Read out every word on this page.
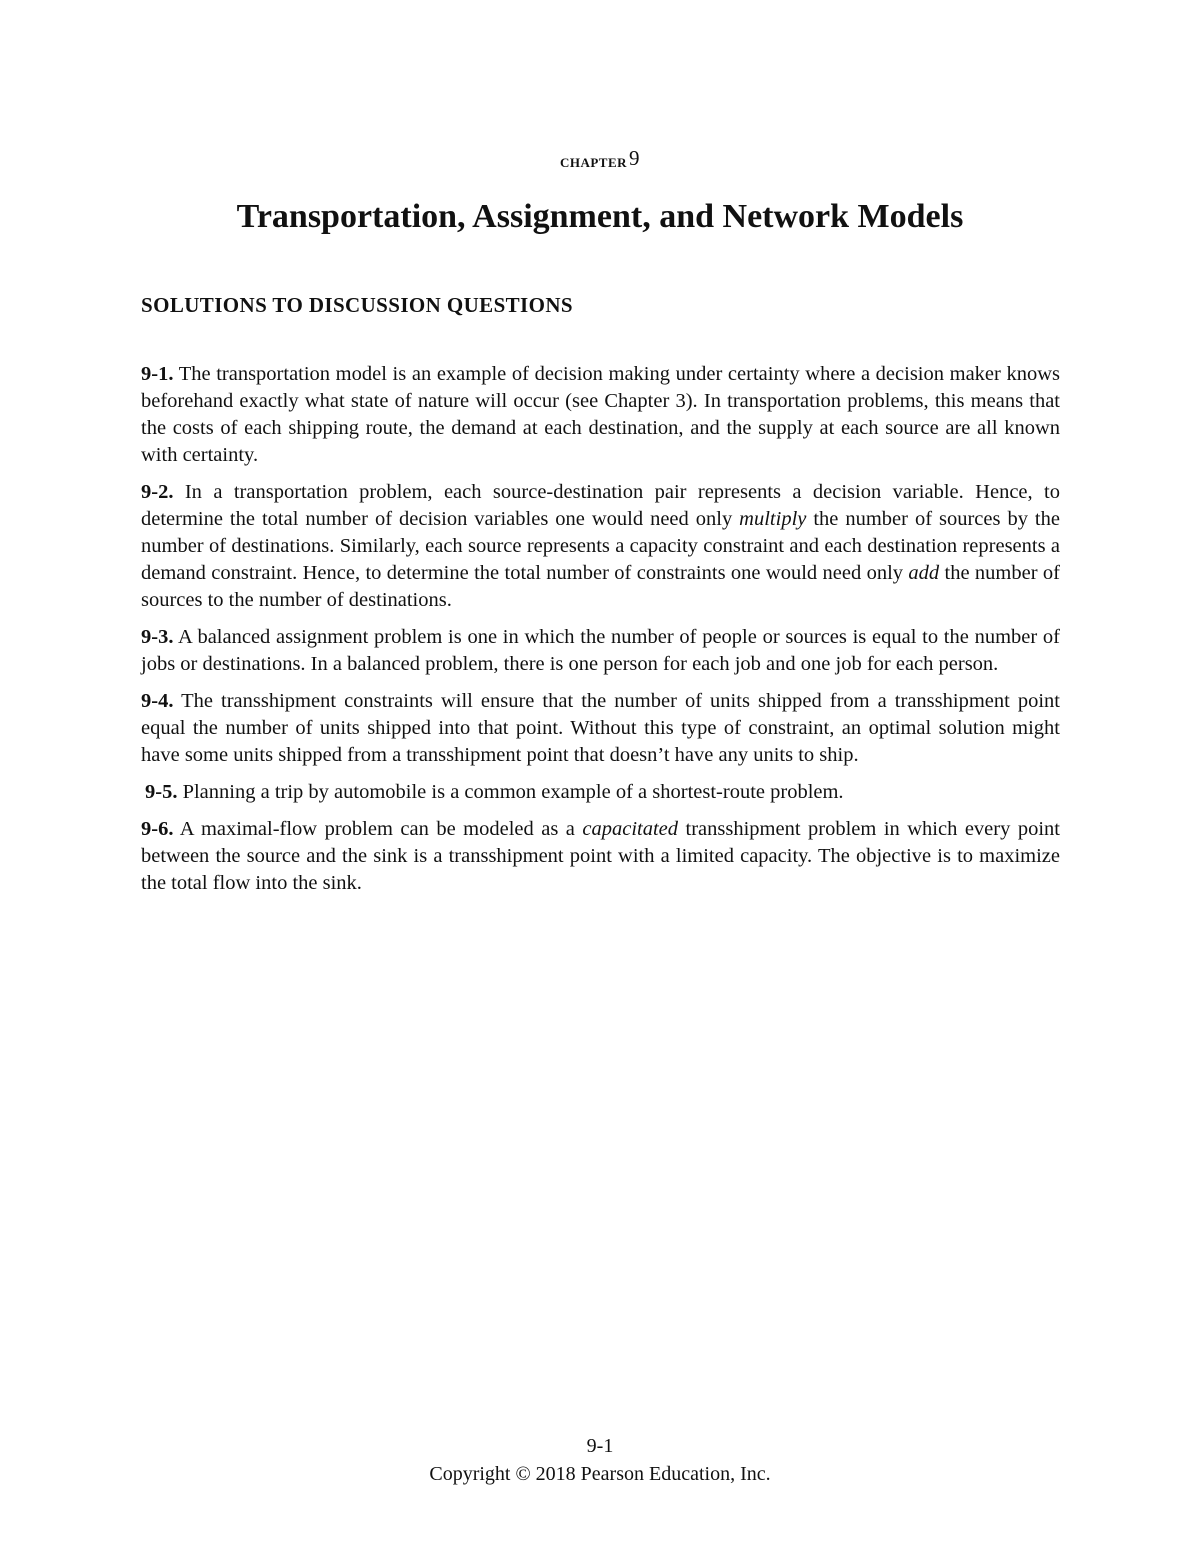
CHAPTER9
Transportation, Assignment, and Network Models
SOLUTIONS TO DISCUSSION QUESTIONS

9-1. The transportation model is an example of decision making under certainty where a decision maker knows beforehand exactly what state of nature will occur (see Chapter 3). In transportation problems, this means that the costs of each shipping route, the demand at each destination, and the supply at each source are all known with certainty.

9-2. In a transportation problem, each source-destination pair represents a decision variable. Hence, to determine the total number of decision variables one would need only multiply the number of sources by the number of destinations. Similarly, each source represents a capacity constraint and each destination represents a demand constraint. Hence, to determine the total number of constraints one would need only add the number of sources to the number of destinations.

9-3. A balanced assignment problem is one in which the number of people or sources is equal to the number of jobs or destinations. In a balanced problem, there is one person for each job and one job for each person.

9-4. The transshipment constraints will ensure that the number of units shipped from a transshipment point equal the number of units shipped into that point. Without this type of constraint, an optimal solution might have some units shipped from a transshipment point that doesn’t have any units to ship.

9-5. Planning a trip by automobile is a common example of a shortest-route problem.

9-6. A maximal-flow problem can be modeled as a capacitated transshipment problem in which every point between the source and the sink is a transshipment point with a limited capacity. The objective is to maximize the total flow into the sink.

9-1
Copyright © 2018 Pearson Education, Inc.
